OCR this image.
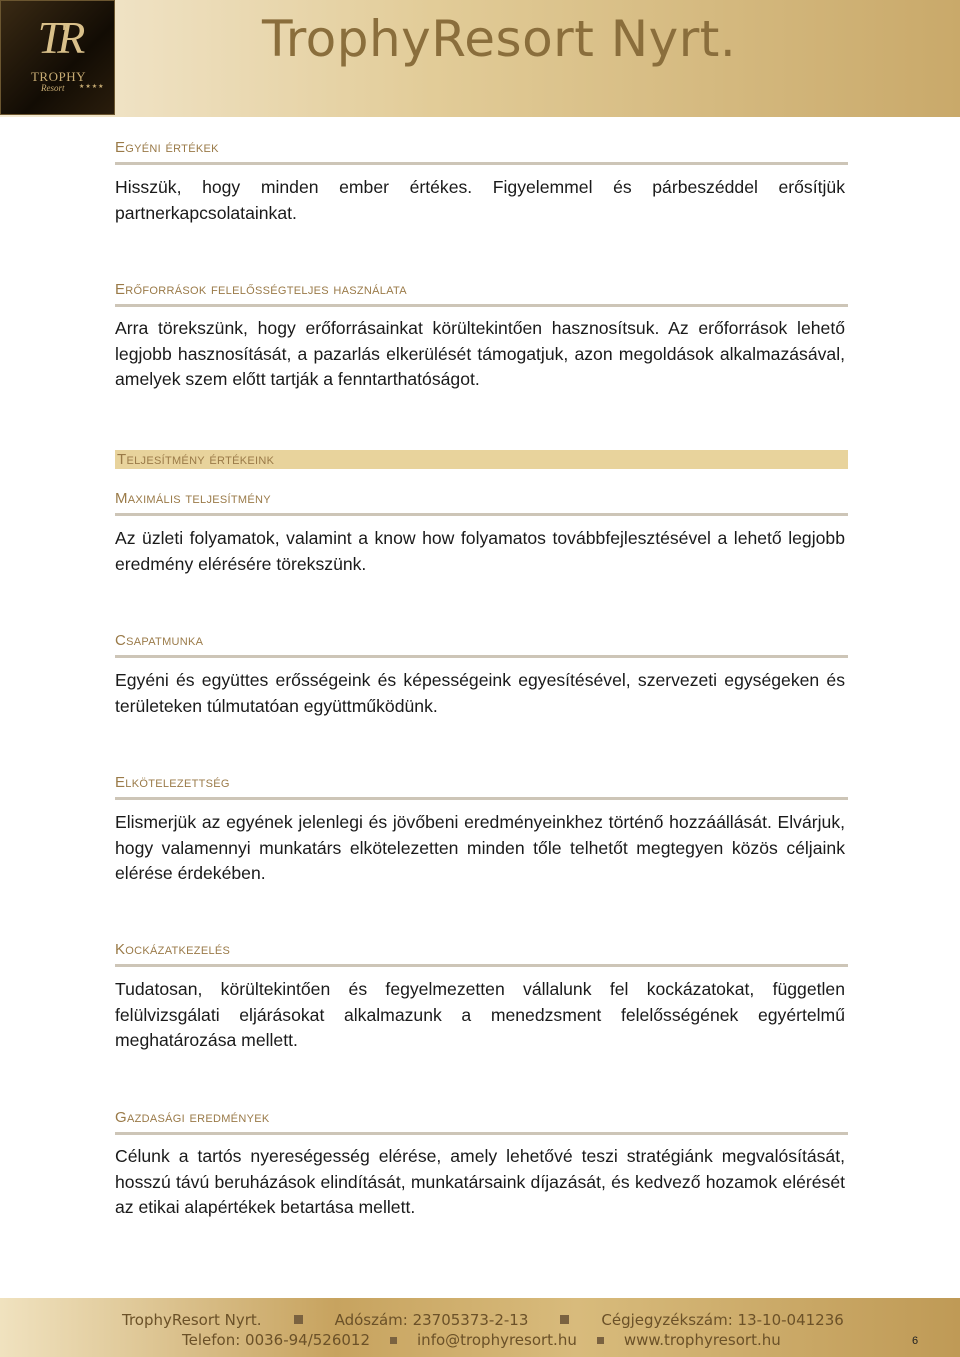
TR
TROPHY
Resort ★★★★
TrophyResort Nyrt.
Egyéni értékek

Hisszük, hogy minden ember értékes. Figyelemmel és párbeszéddel erősítjük partnerkapcsolatainkat.

Erőforrások felelősségteljes használata

Arra törekszünk, hogy erőforrásainkat körültekintően hasznosítsuk. Az erőforrások lehető legjobb hasznosítását, a pazarlás elkerülését támogatjuk, azon megoldások alkalmazásával, amelyek szem előtt tartják a fenntarthatóságot.

Teljesítmény értékeink
Maximális teljesítmény

Az üzleti folyamatok, valamint a know how folyamatos továbbfejlesztésével a lehető legjobb eredmény elérésére törekszünk.

Csapatmunka

Egyéni és együttes erősségeink és képességeink egyesítésével, szervezeti egységeken és területeken túlmutatóan együttműködünk.

Elkötelezettség

Elismerjük az egyének jelenlegi és jövőbeni eredményeinkhez történő hozzáállását. Elvárjuk, hogy valamennyi munkatárs elkötelezetten minden tőle telhetőt megtegyen közös céljaink elérése érdekében.

Kockázatkezelés

Tudatosan, körültekintően és fegyelmezetten vállalunk fel kockázatokat, független felülvizsgálati eljárásokat alkalmazunk a menedzsment felelősségének egyértelmű meghatározása mellett.

Gazdasági eredmények

Célunk a tartós nyereségesség elérése, amely lehetővé teszi stratégiánk megvalósítását, hosszú távú beruházások elindítását, munkatársaink díjazását, és kedvező hozamok elérését az etikai alapértékek betartása mellett.

TrophyResort Nyrt.	Adószám: 23705373-2-13	Cégjegyzékszám: 13-10-041236
Telefon: 0036-94/526012	info@trophyresort.hu	www.trophyresort.hu	6
